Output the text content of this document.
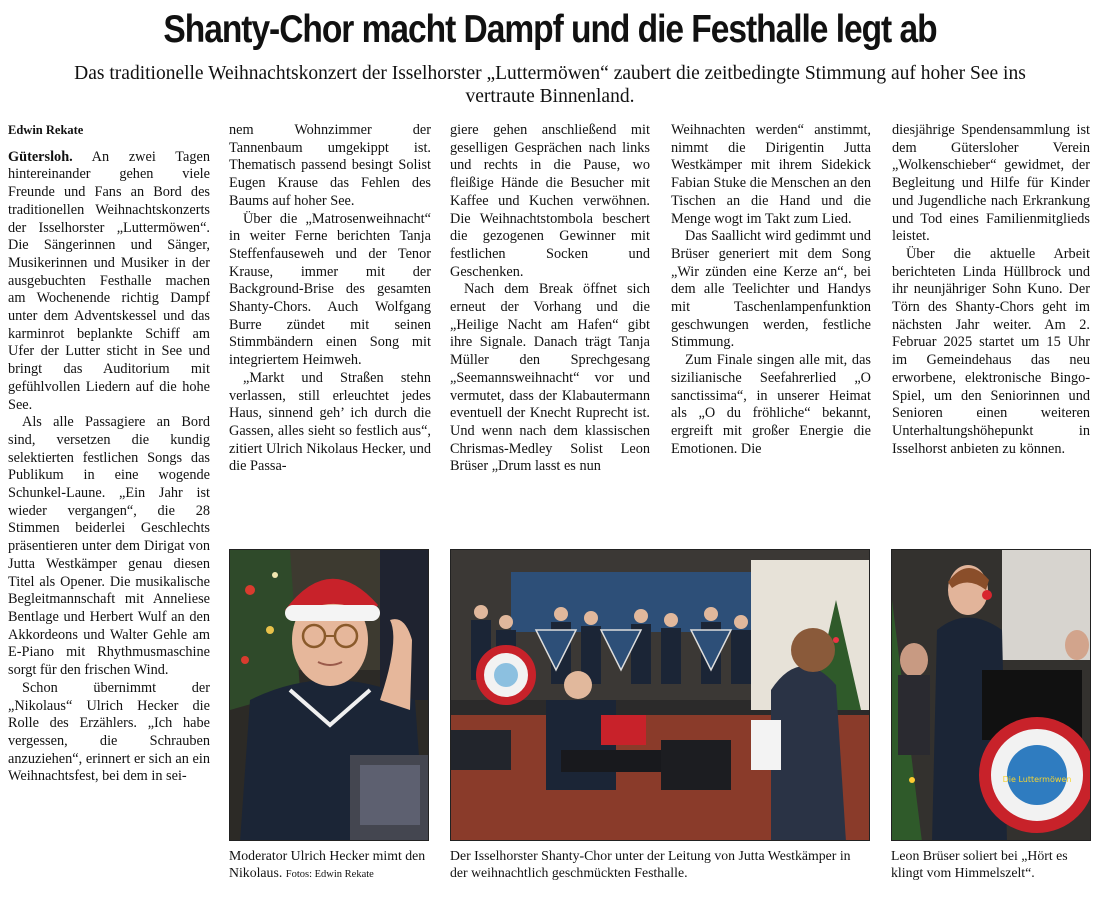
Shanty-Chor macht Dampf und die Festhalle legt ab
Das traditionelle Weihnachtskonzert der Isselhorster „Luttermöwen“ zaubert die zeitbedingte Stimmung auf hoher See ins vertraute Binnenland.
Edwin Rekate

Gütersloh. An zwei Tagen hintereinander gehen viele Freunde und Fans an Bord des traditionellen Weihnachtskonzerts der Isselhorster „Luttermöwen“. Die Sängerinnen und Sänger, Musikerinnen und Musiker in der ausgebuchten Festhalle machen am Wochenende richtig Dampf unter dem Adventskessel und das karminrot beplankte Schiff am Ufer der Lutter sticht in See und bringt das Auditorium mit gefühlvollen Liedern auf die hohe See.

Als alle Passagiere an Bord sind, versetzen die kundig selektierten festlichen Songs das Publikum in eine wogende Schunkel-Laune. „Ein Jahr ist wieder vergangen“, die 28 Stimmen beiderlei Geschlechts präsentieren unter dem Dirigat von Jutta Westkämper genau diesen Titel als Opener. Die musikalische Begleitmannschaft mit Anneliese Bentlage und Herbert Wulf an den Akkordeons und Walter Gehle am E-Piano mit Rhythmusmaschine sorgt für den frischen Wind.

Schon übernimmt der „Nikolaus“ Ulrich Hecker die Rolle des Erzählers. „Ich habe vergessen, die Schrauben anzuziehen“, erinnert er sich an ein Weihnachtsfest, bei dem in sei-

nem Wohnzimmer der Tannenbaum umgekippt ist. Thematisch passend besingt Solist Eugen Krause das Fehlen des Baums auf hoher See.

Über die „Matrosenweihnacht“ in weiter Ferne berichten Tanja Steffenfauseweh und der Tenor Krause, immer mit der Background-Brise des gesamten Shanty-Chors. Auch Wolfgang Burre zündet mit seinen Stimmbändern einen Song mit integriertem Heimweh.

„Markt und Straßen stehn verlassen, still erleuchtet jedes Haus, sinnend geh’ ich durch die Gassen, alles sieht so festlich aus“, zitiert Ulrich Nikolaus Hecker, und die Passa-

giere gehen anschließend mit geselligen Gesprächen nach links und rechts in die Pause, wo fleißige Hände die Besucher mit Kaffee und Kuchen verwöhnen. Die Weihnachtstombola beschert die gezogenen Gewinner mit festlichen Socken und Geschenken.

Nach dem Break öffnet sich erneut der Vorhang und die „Heilige Nacht am Hafen“ gibt ihre Signale. Danach trägt Tanja Müller den Sprechgesang „Seemannsweihnacht“ vor und vermutet, dass der Klabautermann eventuell der Knecht Ruprecht ist. Und wenn nach dem klassischen Chrismas-Medley Solist Leon Brüser „Drum lasst es nun

Weihnachten werden“ anstimmt, nimmt die Dirigentin Jutta Westkämper mit ihrem Sidekick Fabian Stuke die Menschen an den Tischen an die Hand und die Menge wogt im Takt zum Lied.

Das Saallicht wird gedimmt und Brüser generiert mit dem Song „Wir zünden eine Kerze an“, bei dem alle Teelichter und Handys mit Taschenlampenfunktion geschwungen werden, festliche Stimmung.

Zum Finale singen alle mit, das sizilianische Seefahrerlied „O sanctissima“, in unserer Heimat als „O du fröhliche“ bekannt, ergreift mit großer Energie die Emotionen. Die

diesjährige Spendensammlung ist dem Gütersloher Verein „Wolkenschieber“ gewidmet, der Begleitung und Hilfe für Kinder und Jugendliche nach Erkrankung und Tod eines Familienmitglieds leistet.

Über die aktuelle Arbeit berichteten Linda Hüllbrock und ihr neunjähriger Sohn Kuno. Der Törn des Shanty-Chors geht im nächsten Jahr weiter. Am 2. Februar 2025 startet um 15 Uhr im Gemeindehaus das neu erworbene, elektronische Bingo-Spiel, um den Seniorinnen und Senioren einen weiteren Unterhaltungshöhepunkt in Isselhorst anbieten zu können.

Moderator Ulrich Hecker mimt den Nikolaus. Fotos: Edwin Rekate
Der Isselhorster Shanty-Chor unter der Leitung von Jutta Westkämper in der weihnachtlich geschmückten Festhalle.
Die Luttermöwen
Leon Brüser soliert bei „Hört es klingt vom Himmelszelt“.
